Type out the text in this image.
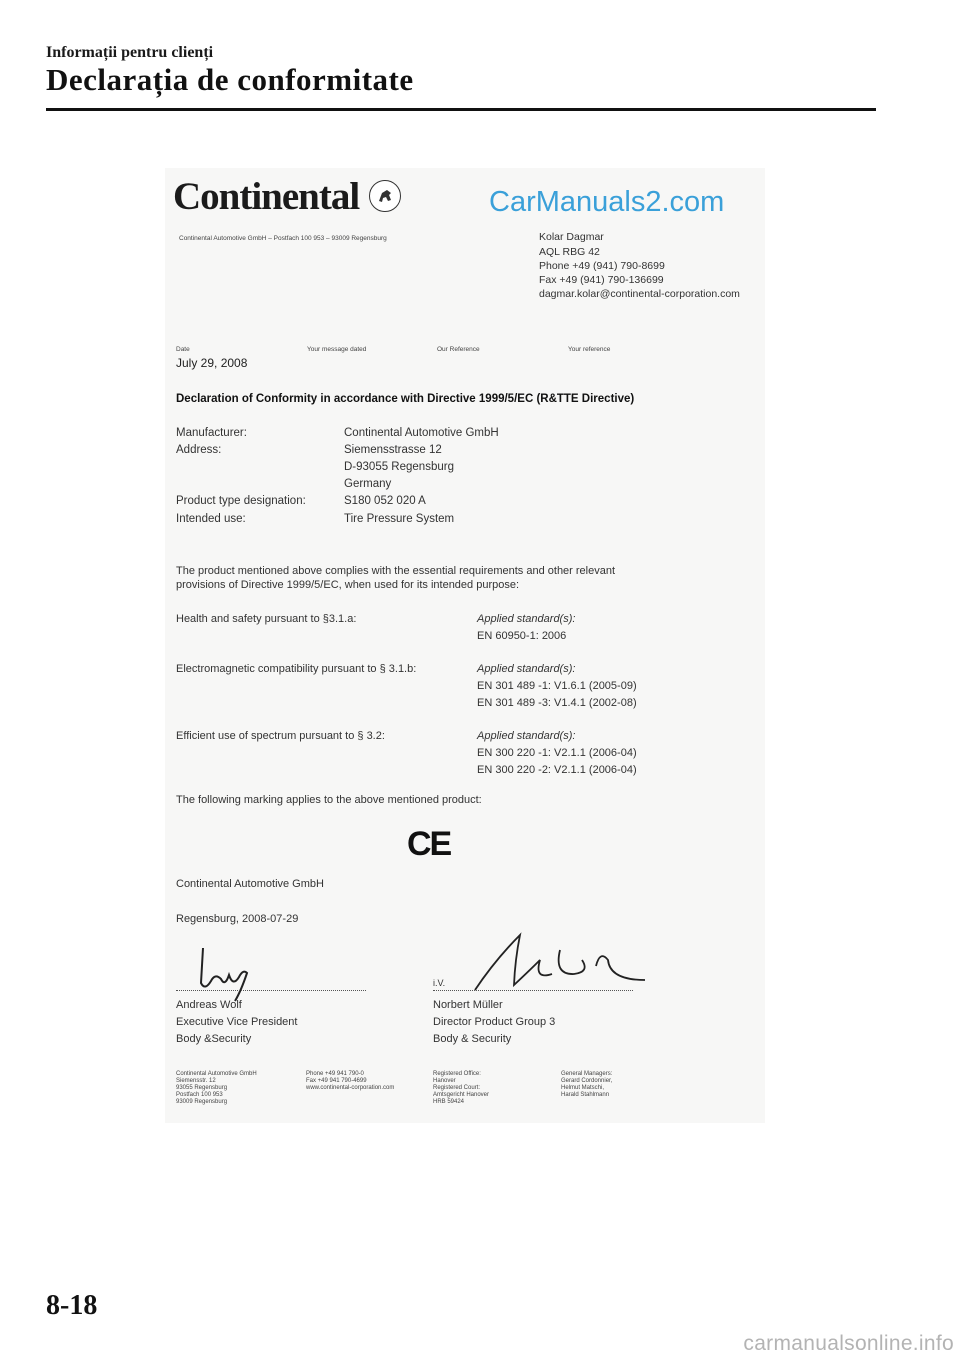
Informații pentru clienți
Declarația de conformitate
Continental	CarManuals2.com
Continental Automotive GmbH – Postfach 100 953 – 93009 Regensburg	Kolar Dagmar
AQL RBG 42
Phone +49 (941) 790-8699
Fax +49 (941) 790-136699
dagmar.kolar@continental-corporation.com
Date	Your message dated	Our Reference	Your reference
July 29, 2008
Declaration of Conformity in accordance with Directive 1999/5/EC (R&TTE Directive)
Manufacturer:	Continental Automotive GmbH
Address:	Siemensstrasse 12
D-93055 Regensburg
Germany
Product type designation:	S180 052 020 A
Intended use:	Tire Pressure System
The product mentioned above complies with the essential requirements and other relevant
provisions of Directive 1999/5/EC, when used for its intended purpose:
Health and safety pursuant to §3.1.a:	Applied standard(s):
EN 60950-1: 2006
Electromagnetic compatibility pursuant to § 3.1.b:	Applied standard(s):
EN 301 489 -1: V1.6.1 (2005-09)
EN 301 489 -3: V1.4.1 (2002-08)
Efficient use of spectrum pursuant to § 3.2:	Applied standard(s):
EN 300 220 -1: V2.1.1 (2006-04)
EN 300 220 -2: V2.1.1 (2006-04)
The following marking applies to the above mentioned product:
CE
Continental Automotive GmbH
Regensburg, 2008-07-29
i.V.
Andreas Wolf
Executive Vice President
Body &Security
Norbert Müller
Director Product Group 3
Body & Security
Continental Automotive GmbH
Siemensstr. 12
93055 Regensburg
Postfach 100 953
93009 Regensburg
Phone +49 941 790-0
Fax +49 941 790-4699
www.continental-corporation.com
Registered Office:
Hanover
Registered Court:
Amtsgericht Hanover
HRB 59424
General Managers:
Gerard Cordonnier,
Helmut Matschi,
Harald Stahlmann
8-18
carmanualsonline.info
